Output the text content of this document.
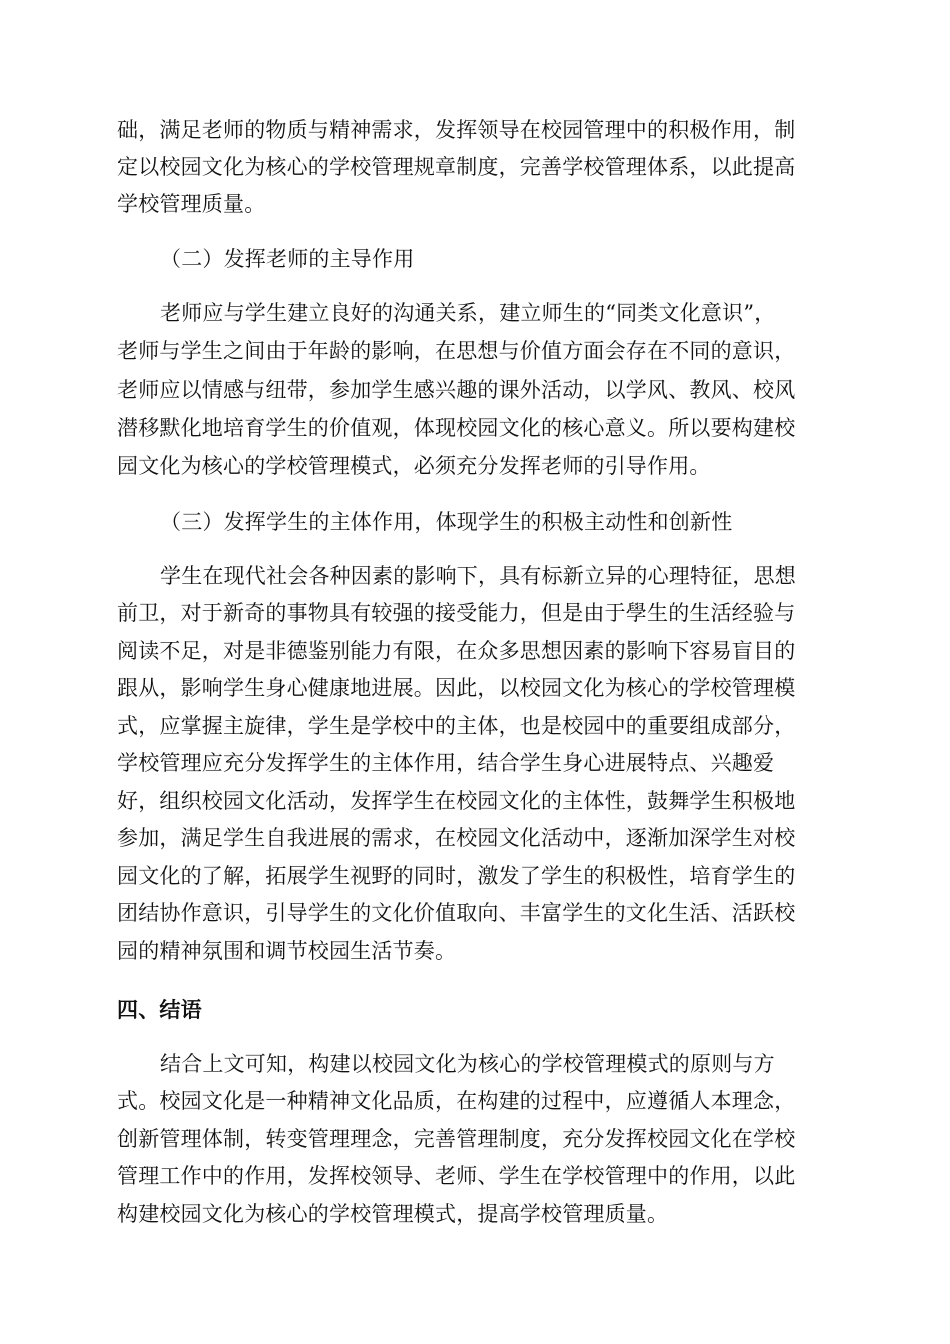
础，满足老师的物质与精神需求，发挥领导在校园管理中的积极作用，制

定以校园文化为核心的学校管理规章制度，完善学校管理体系，以此提高

学校管理质量。

（二）发挥老师的主导作用

老师应与学生建立良好的沟通关系，建立师生的“同类文化意识”，

老师与学生之间由于年龄的影响，在思想与价值方面会存在不同的意识，

老师应以情感与纽带，参加学生感兴趣的课外活动，以学风、教风、校风

潜移默化地培育学生的价值观，体现校园文化的核心意义。所以要构建校

园文化为核心的学校管理模式，必须充分发挥老师的引导作用。

（三）发挥学生的主体作用，体现学生的积极主动性和创新性

学生在现代社会各种因素的影响下，具有标新立异的心理特征，思想

前卫，对于新奇的事物具有较强的接受能力，但是由于學生的生活经验与

阅读不足，对是非德鉴别能力有限，在众多思想因素的影响下容易盲目的

跟从，影响学生身心健康地进展。因此，以校园文化为核心的学校管理模

式，应掌握主旋律，学生是学校中的主体，也是校园中的重要组成部分，

学校管理应充分发挥学生的主体作用，结合学生身心进展特点、兴趣爱

好，组织校园文化活动，发挥学生在校园文化的主体性，鼓舞学生积极地

参加，满足学生自我进展的需求，在校园文化活动中，逐渐加深学生对校

园文化的了解，拓展学生视野的同时，激发了学生的积极性，培育学生的

团结协作意识，引导学生的文化价值取向、丰富学生的文化生活、活跃校

园的精神氛围和调节校园生活节奏。

四、结语

结合上文可知，构建以校园文化为核心的学校管理模式的原则与方

式。校园文化是一种精神文化品质，在构建的过程中，应遵循人本理念，

创新管理体制，转变管理理念，完善管理制度，充分发挥校园文化在学校

管理工作中的作用，发挥校领导、老师、学生在学校管理中的作用，以此

构建校园文化为核心的学校管理模式，提高学校管理质量。
